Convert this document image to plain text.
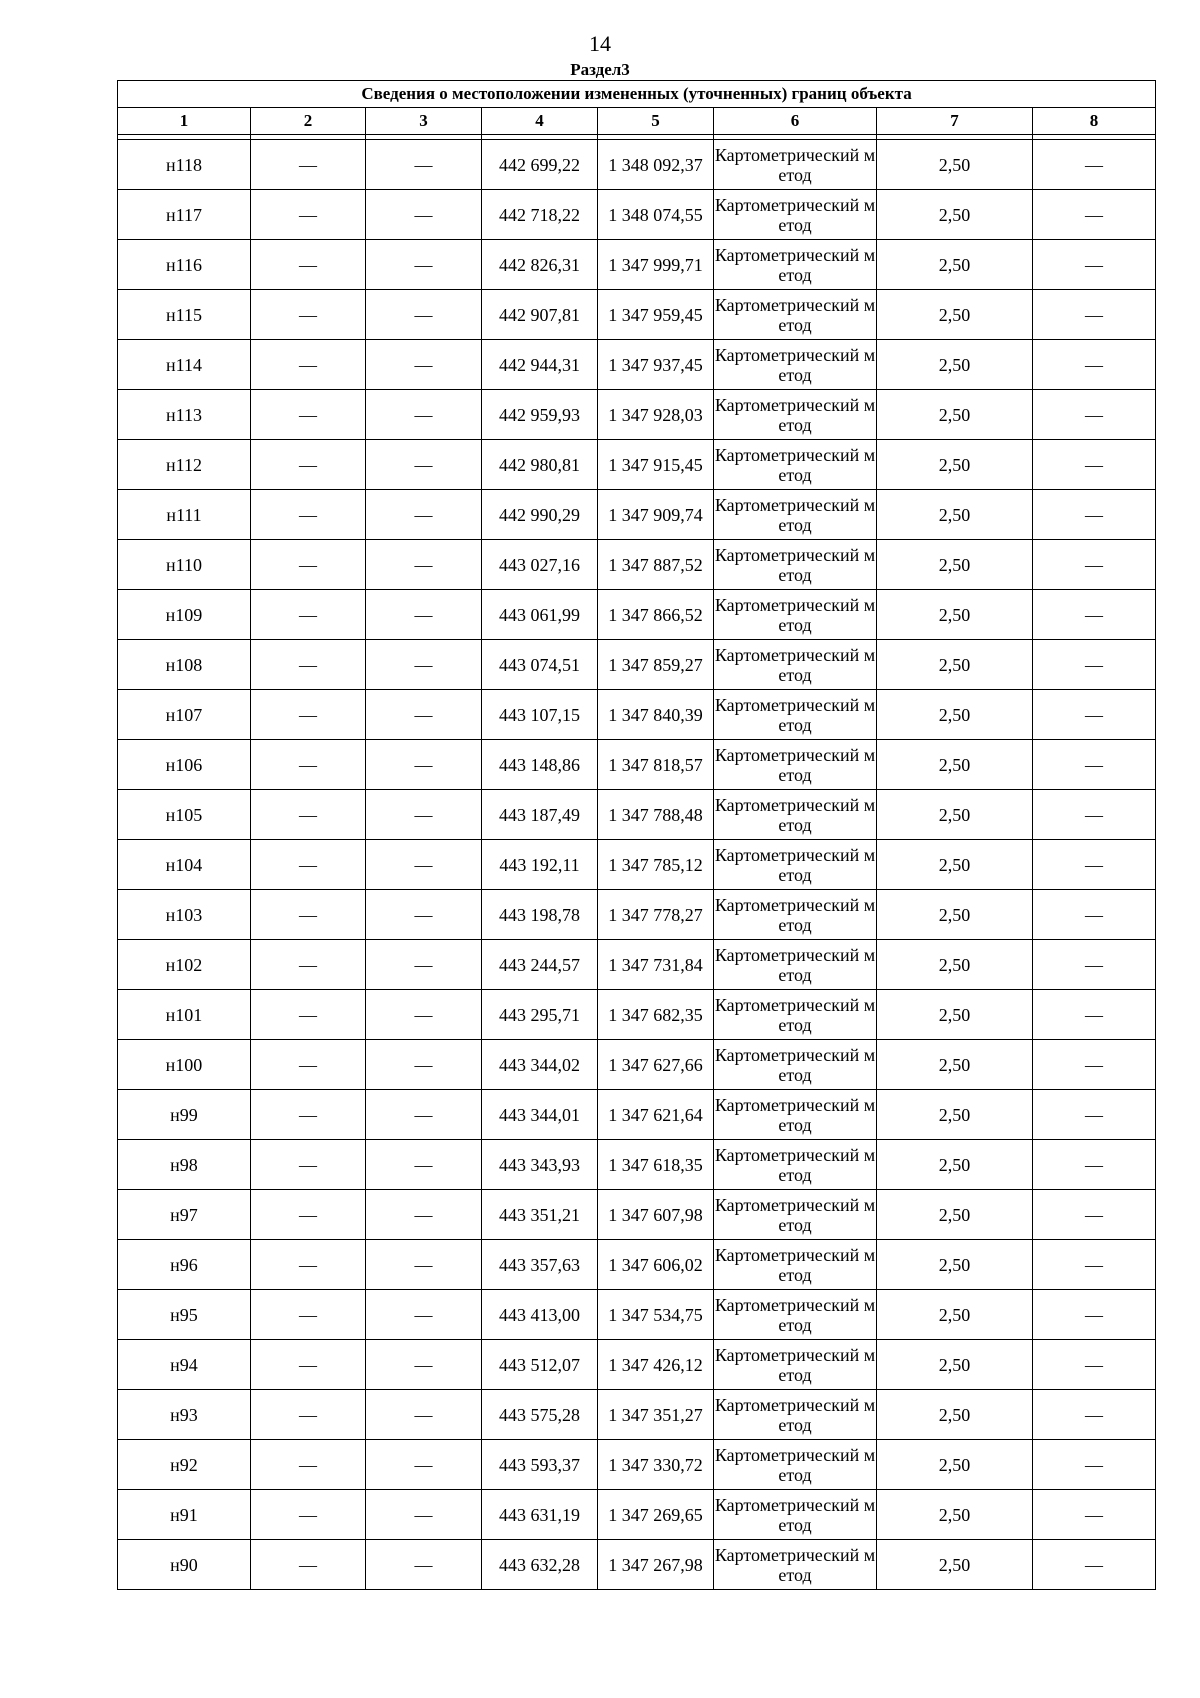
14
Раздел3
Сведения о местоположении измененных (уточненных) границ объекта							
1	2	3	4	5	6	7	8

н118	—	—	442 699,22	1 348 092,37	Картометрический метод	2,50	—
н117	—	—	442 718,22	1 348 074,55	Картометрический метод	2,50	—
н116	—	—	442 826,31	1 347 999,71	Картометрический метод	2,50	—
н115	—	—	442 907,81	1 347 959,45	Картометрический метод	2,50	—
н114	—	—	442 944,31	1 347 937,45	Картометрический метод	2,50	—
н113	—	—	442 959,93	1 347 928,03	Картометрический метод	2,50	—
н112	—	—	442 980,81	1 347 915,45	Картометрический метод	2,50	—
н111	—	—	442 990,29	1 347 909,74	Картометрический метод	2,50	—
н110	—	—	443 027,16	1 347 887,52	Картометрический метод	2,50	—
н109	—	—	443 061,99	1 347 866,52	Картометрический метод	2,50	—
н108	—	—	443 074,51	1 347 859,27	Картометрический метод	2,50	—
н107	—	—	443 107,15	1 347 840,39	Картометрический метод	2,50	—
н106	—	—	443 148,86	1 347 818,57	Картометрический метод	2,50	—
н105	—	—	443 187,49	1 347 788,48	Картометрический метод	2,50	—
н104	—	—	443 192,11	1 347 785,12	Картометрический метод	2,50	—
н103	—	—	443 198,78	1 347 778,27	Картометрический метод	2,50	—
н102	—	—	443 244,57	1 347 731,84	Картометрический метод	2,50	—
н101	—	—	443 295,71	1 347 682,35	Картометрический метод	2,50	—
н100	—	—	443 344,02	1 347 627,66	Картометрический метод	2,50	—
н99	—	—	443 344,01	1 347 621,64	Картометрический метод	2,50	—
н98	—	—	443 343,93	1 347 618,35	Картометрический метод	2,50	—
н97	—	—	443 351,21	1 347 607,98	Картометрический метод	2,50	—
н96	—	—	443 357,63	1 347 606,02	Картометрический метод	2,50	—
н95	—	—	443 413,00	1 347 534,75	Картометрический метод	2,50	—
н94	—	—	443 512,07	1 347 426,12	Картометрический метод	2,50	—
н93	—	—	443 575,28	1 347 351,27	Картометрический метод	2,50	—
н92	—	—	443 593,37	1 347 330,72	Картометрический метод	2,50	—
н91	—	—	443 631,19	1 347 269,65	Картометрический метод	2,50	—
н90	—	—	443 632,28	1 347 267,98	Картометрический метод	2,50	—
